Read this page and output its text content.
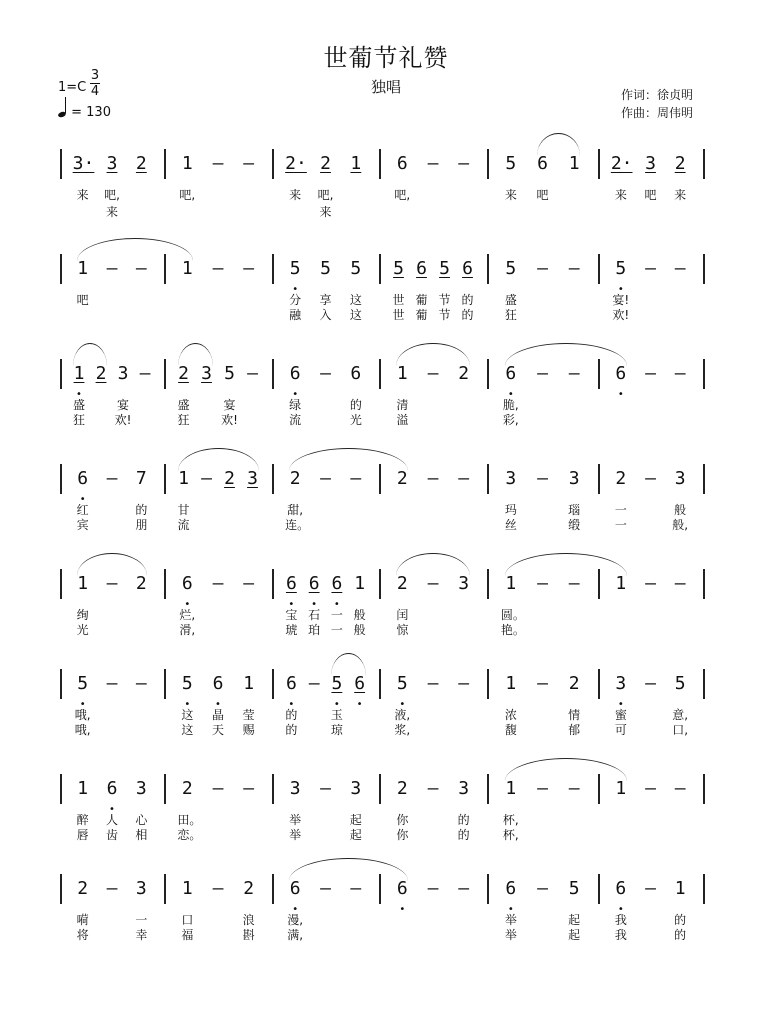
世葡节礼赞
独唱
1=C
3
4
= 130
作词：徐贞明
作曲：周伟明
3·
来
3
吧,来
2 1
吧,
– – 2·
来
2
吧,来
1 6
吧,
– – 5
来
6
吧
1 2·
来
3
吧
2
来
1
吧
– – 1 – – 5
•
分
融
5
享
入
5
这
这
5
世
世
6
葡
葡
5
节
节
6
的
的
5
盛
狂
– – 5
•
宴!
欢!
– –
1
•
盛
狂
2 3
宴
欢!
– 2
盛
狂
3 5
宴
欢!
– 6
•
绿
流
– 6
的
光
1
清
溢
– 2 6
•
脆,
彩,
– – 6
•
– –
6
•
红
宾
– 7
的
朋
1
甘
流
– 2 3 2
甜,
连。
– – 2 – – 3
玛
丝
– 3
瑙
缎
2
一
一
– 3
般
般,
1
绚
光
– 2 6
•
烂,
滑,
– – 6
•
宝
琥
6
•
石
珀
6
•
一
一
1
般
般
2
闰
惊
– 3 1
圆。
艳。
– – 1 – –
5
•
哦,
哦,
– – 5
•
这
这
6
•
晶
天
1
莹
赐
6
•
的
的
– 5
•
玉
琼
6
•
5
•
液,
浆,
– – 1
浓
馥
– 2
情
郁
3
•
蜜
可
– 5
意,
口,
1
醉
唇
6
•
人
齿
3
心
相
2
田。
恋。
– – 3
举
举
– 3
起
起
2
你
你
– 3
的
的
1
杯,
杯,
– – 1 – –
2
嗬
将
– 3
一
幸
1
口
福
– 2
浪
斟
6
•
漫,
满,
– – 6
•
– – 6
•
举
举
– 5
起
起
6
•
我
我
– 1
的
的
